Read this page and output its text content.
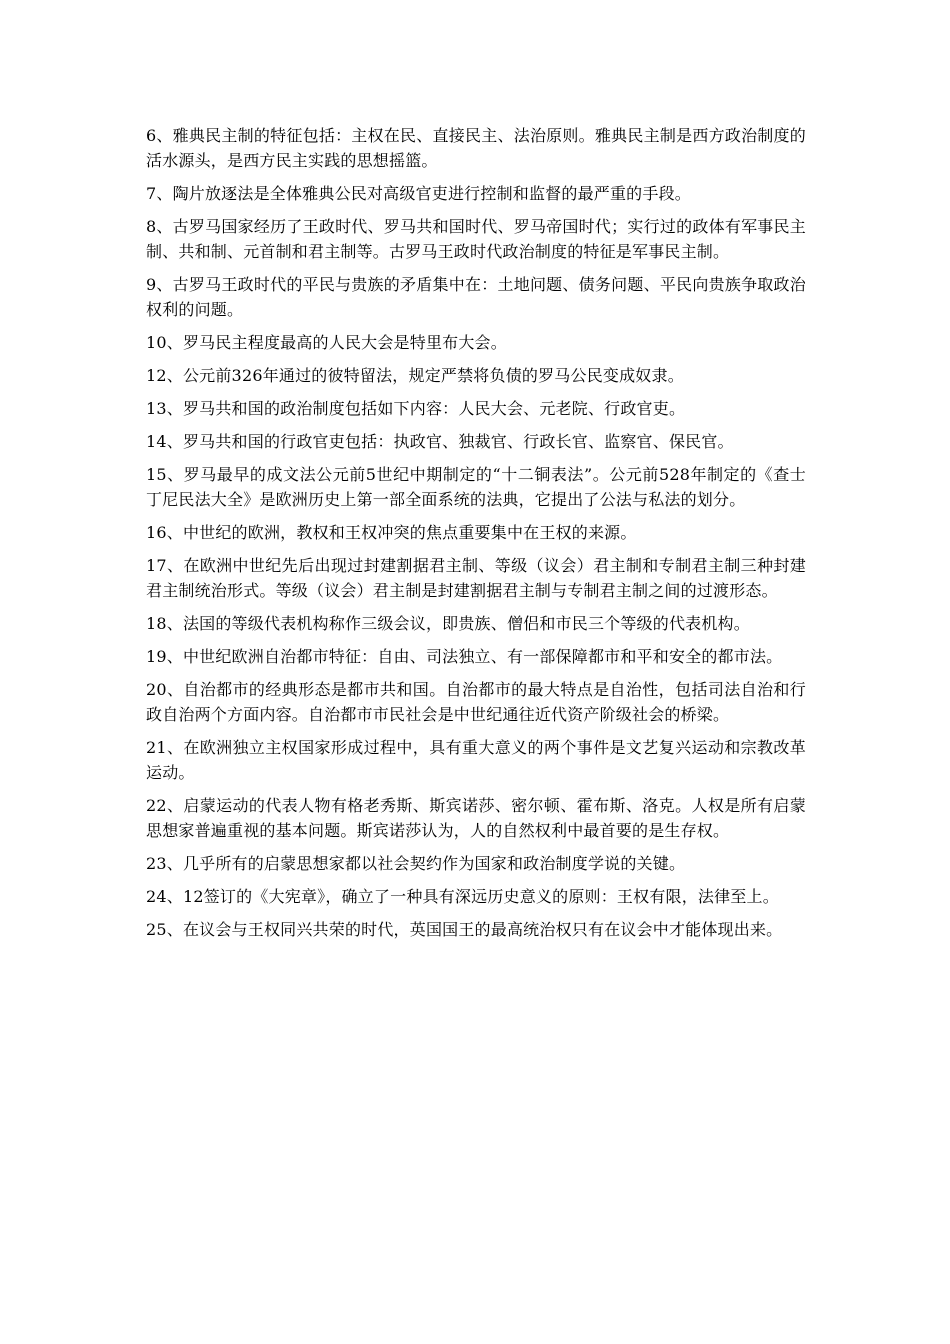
6、雅典民主制的特征包括：主权在民、直接民主、法治原则。雅典民主制是西方政治制度的活水源头，是西方民主实践的思想摇篮。

7、陶片放逐法是全体雅典公民对高级官吏进行控制和监督的最严重的手段。

8、古罗马国家经历了王政时代、罗马共和国时代、罗马帝国时代；实行过的政体有军事民主制、共和制、元首制和君主制等。古罗马王政时代政治制度的特征是军事民主制。

9、古罗马王政时代的平民与贵族的矛盾集中在：土地问题、债务问题、平民向贵族争取政治权利的问题。

10、罗马民主程度最高的人民大会是特里布大会。

12、公元前326年通过的彼特留法，规定严禁将负债的罗马公民变成奴隶。

13、罗马共和国的政治制度包括如下内容：人民大会、元老院、行政官吏。

14、罗马共和国的行政官吏包括：执政官、独裁官、行政长官、监察官、保民官。

15、罗马最早的成文法公元前5世纪中期制定的“十二铜表法”。公元前528年制定的《查士丁尼民法大全》是欧洲历史上第一部全面系统的法典，它提出了公法与私法的划分。

16、中世纪的欧洲，教权和王权冲突的焦点重要集中在王权的来源。

17、在欧洲中世纪先后出现过封建割据君主制、等级（议会）君主制和专制君主制三种封建君主制统治形式。等级（议会）君主制是封建割据君主制与专制君主制之间的过渡形态。

18、法国的等级代表机构称作三级会议，即贵族、僧侣和市民三个等级的代表机构。

19、中世纪欧洲自治都市特征：自由、司法独立、有一部保障都市和平和安全的都市法。

20、自治都市的经典形态是都市共和国。自治都市的最大特点是自治性，包括司法自治和行政自治两个方面内容。自治都市市民社会是中世纪通往近代资产阶级社会的桥梁。

21、在欧洲独立主权国家形成过程中，具有重大意义的两个事件是文艺复兴运动和宗教改革运动。

22、启蒙运动的代表人物有格老秀斯、斯宾诺莎、密尔顿、霍布斯、洛克。人权是所有启蒙思想家普遍重视的基本问题。斯宾诺莎认为，人的自然权利中最首要的是生存权。

23、几乎所有的启蒙思想家都以社会契约作为国家和政治制度学说的关键。

24、12签订的《大宪章》，确立了一种具有深远历史意义的原则：王权有限，法律至上。

25、在议会与王权同兴共荣的时代，英国国王的最高统治权只有在议会中才能体现出来。
